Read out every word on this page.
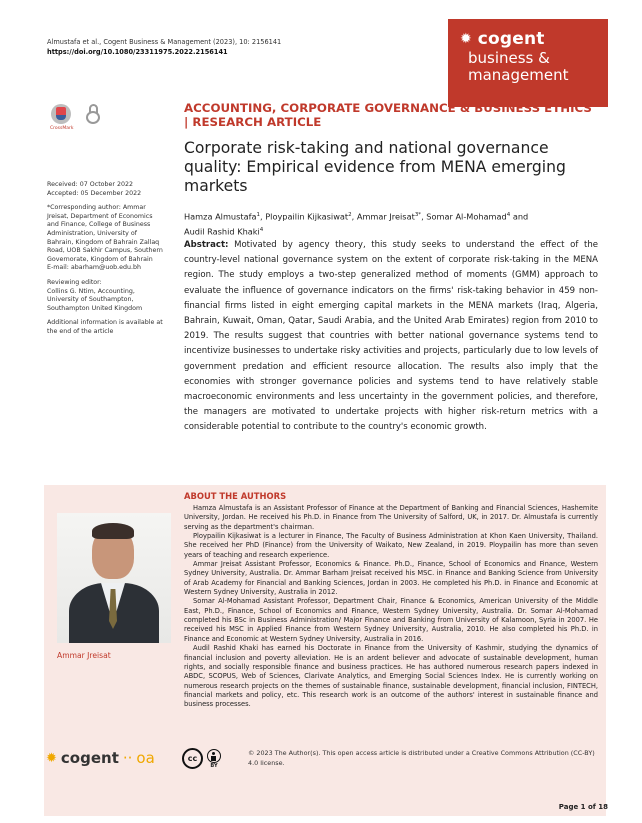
Almustafa et al., Cogent Business & Management (2023), 10: 2156141
https://doi.org/10.1080/23311975.2022.2156141
✹ cogent
business &
management
CrossMark

Received: 07 October 2022
Accepted: 05 December 2022

*Corresponding author: Ammar Jreisat, Department of Economics and Finance, College of Business Administration, University of Bahrain, Kingdom of Bahrain Zallaq Road, UOB Sakhir Campus, Southern Governorate, Kingdom of Bahrain
E-mail: abarham@uob.edu.bh

Reviewing editor:
Collins G. Ntim, Accounting, University of Southampton, Southampton United Kingdom

Additional information is available at the end of the article

ACCOUNTING, CORPORATE GOVERNANCE & BUSINESS ETHICS | RESEARCH ARTICLE
Corporate risk-taking and national governance quality: Empirical evidence from MENA emerging markets
Hamza Almustafa$^1$, Ploypailin Kijkasiwat$^2$, Ammar Jreisat$^{3*}$, Somar Al-Mohamad$^4$ and
Audil Rashid Khaki$^4$
Abstract: Motivated by agency theory, this study seeks to understand the effect of the country-level national governance system on the extent of corporate risk-taking in the MENA region. The study employs a two-step generalized method of moments (GMM) approach to evaluate the influence of governance indicators on the firms' risk-taking behavior in 459 non-financial firms listed in eight emerging capital markets in the MENA markets (Iraq, Algeria, Bahrain, Kuwait, Oman, Qatar, Saudi Arabia, and the United Arab Emirates) region from 2010 to 2019. The results suggest that countries with better national governance systems tend to incentivize businesses to undertake risky activities and projects, particularly due to low levels of government predation and efficient resource allocation. The results also imply that the economies with stronger governance policies and systems tend to have relatively stable macroeconomic environments and less uncertainty in the government policies, and therefore, the managers are motivated to undertake projects with higher risk-return metrics with a considerable potential to contribute to the country's economic growth.
ABOUT THE AUTHORS
Ammar Jreisat

Hamza Almustafa is an Assistant Professor of Finance at the Department of Banking and Financial Sciences, Hashemite University, Jordan. He received his Ph.D. in Finance from The University of Salford, UK, in 2017. Dr. Almustafa is currently serving as the department's chairman.

Ploypailin Kijkasiwat is a lecturer in Finance, The Faculty of Business Administration at Khon Kaen University, Thailand. She received her PhD (Finance) from the University of Waikato, New Zealand, in 2019. Ploypailin has more than seven years of teaching and research experience.

Ammar Jreisat Assistant Professor, Economics & Finance. Ph.D., Finance, School of Economics and Finance, Western Sydney University, Australia. Dr. Ammar Barham Jreisat received his MSC. in Finance and Banking Science from University of Arab Academy for Financial and Banking Sciences, Jordan in 2003. He completed his Ph.D. in Finance and Economic at Western Sydney University, Australia in 2012.

Somar Al-Mohamad Assistant Professor, Department Chair, Finance & Economics, American University of the Middle East, Ph.D., Finance, School of Economics and Finance, Western Sydney University, Australia. Dr. Somar Al-Mohamad completed his BSc in Business Administration/ Major Finance and Banking from University of Kalamoon, Syria in 2007. He received his MSC in Applied Finance from Western Sydney University, Australia, 2010. He also completed his Ph.D. in Finance and Economic at Western Sydney University, Australia in 2016.

Audil Rashid Khaki has earned his Doctorate in Finance from the University of Kashmir, studying the dynamics of financial inclusion and poverty alleviation. He is an ardent believer and advocate of sustainable development, human rights, and socially responsible finance and business practices. He has authored numerous research papers indexed in ABDC, SCOPUS, Web of Sciences, Clarivate Analytics, and Emerging Social Sciences Index. He is currently working on numerous research projects on the themes of sustainable finance, sustainable development, financial inclusion, FINTECH, financial markets and policy, etc. This research work is an outcome of the authors' interest in sustainable finance and business processes.

✹ cogent ·· oa	cc
BY
© 2023 The Author(s). This open access article is distributed under a Creative Commons Attribution (CC-BY) 4.0 license.
Page 1 of 18
